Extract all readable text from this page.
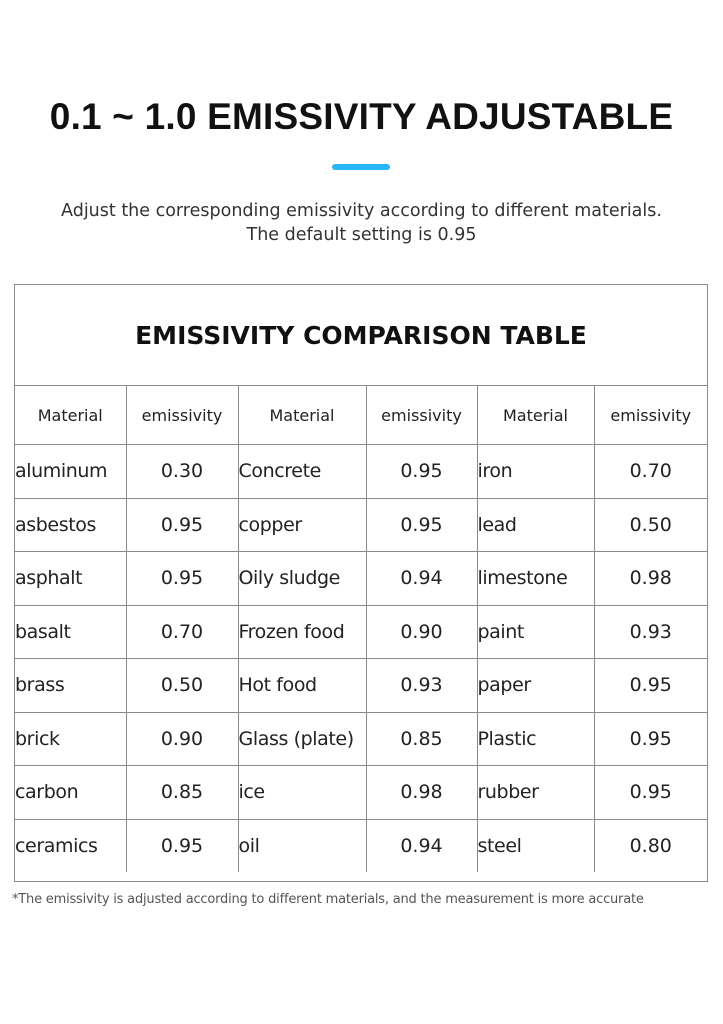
0.1 ~ 1.0 EMISSIVITY ADJUSTABLE
Adjust the corresponding emissivity according to different materials.
The default setting is 0.95
EMISSIVITY COMPARISON TABLE
Material	emissivity	Material	emissivity	Material	emissivity
aluminum	0.30	Concrete	0.95	iron	0.70
asbestos	0.95	copper	0.95	lead	0.50
asphalt	0.95	Oily sludge	0.94	limestone	0.98
basalt	0.70	Frozen food	0.90	paint	0.93
brass	0.50	Hot food	0.93	paper	0.95
brick	0.90	Glass (plate)	0.85	Plastic	0.95
carbon	0.85	ice	0.98	rubber	0.95
ceramics	0.95	oil	0.94	steel	0.80
*The emissivity is adjusted according to different materials, and the measurement is more accurate
